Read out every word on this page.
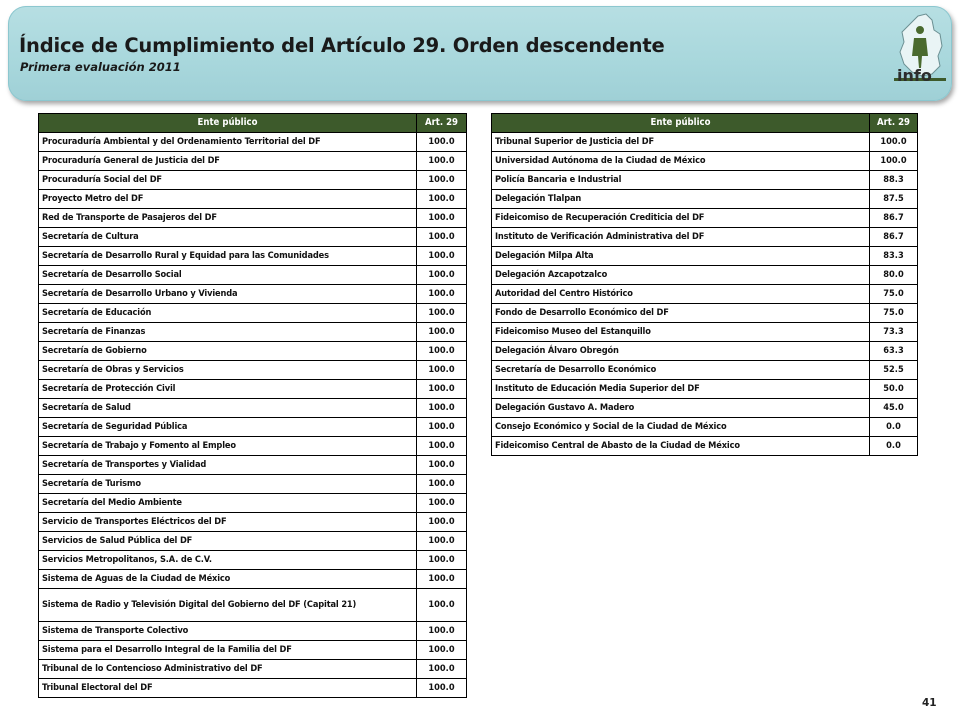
Índice de Cumplimiento del Artículo 29. Orden descendente
Primera evaluación 2011	info
Ente público	Art. 29
Procuraduría Ambiental y del Ordenamiento Territorial del DF	100.0
Procuraduría General de Justicia del DF	100.0
Procuraduría Social del DF	100.0
Proyecto Metro del DF	100.0
Red de Transporte de Pasajeros del DF	100.0
Secretaría de Cultura	100.0
Secretaría de Desarrollo Rural y Equidad para las Comunidades	100.0
Secretaría de Desarrollo Social	100.0
Secretaría de Desarrollo Urbano y Vivienda	100.0
Secretaría de Educación	100.0
Secretaría de Finanzas	100.0
Secretaría de Gobierno	100.0
Secretaría de Obras y Servicios	100.0
Secretaría de Protección Civil	100.0
Secretaría de Salud	100.0
Secretaría de Seguridad Pública	100.0
Secretaría de Trabajo y Fomento al Empleo	100.0
Secretaría de Transportes y Vialidad	100.0
Secretaría de Turismo	100.0
Secretaría del Medio Ambiente	100.0
Servicio de Transportes Eléctricos del DF	100.0
Servicios de Salud Pública del DF	100.0
Servicios Metropolitanos, S.A. de C.V.	100.0
Sistema de Aguas de la Ciudad de México	100.0
Sistema de Radio y Televisión Digital del Gobierno del DF (Capital 21)	100.0
Sistema de Transporte Colectivo	100.0
Sistema para el Desarrollo Integral de la Familia del DF	100.0
Tribunal de lo Contencioso Administrativo del DF	100.0
Tribunal Electoral del DF	100.0
Ente público	Art. 29
Tribunal Superior de Justicia del DF	100.0
Universidad Autónoma de la Ciudad de México	100.0
Policía Bancaria e Industrial	88.3
Delegación Tlalpan	87.5
Fideicomiso de Recuperación Crediticia del DF	86.7
Instituto de Verificación Administrativa del DF	86.7
Delegación Milpa Alta	83.3
Delegación Azcapotzalco	80.0
Autoridad del Centro Histórico	75.0
Fondo de Desarrollo Económico del DF	75.0
Fideicomiso Museo del Estanquillo	73.3
Delegación Álvaro Obregón	63.3
Secretaría de Desarrollo Económico	52.5
Instituto de Educación Media Superior del DF	50.0
Delegación Gustavo A. Madero	45.0
Consejo Económico y Social de la Ciudad de México	0.0
Fideicomiso Central de Abasto de la Ciudad de México	0.0
41
